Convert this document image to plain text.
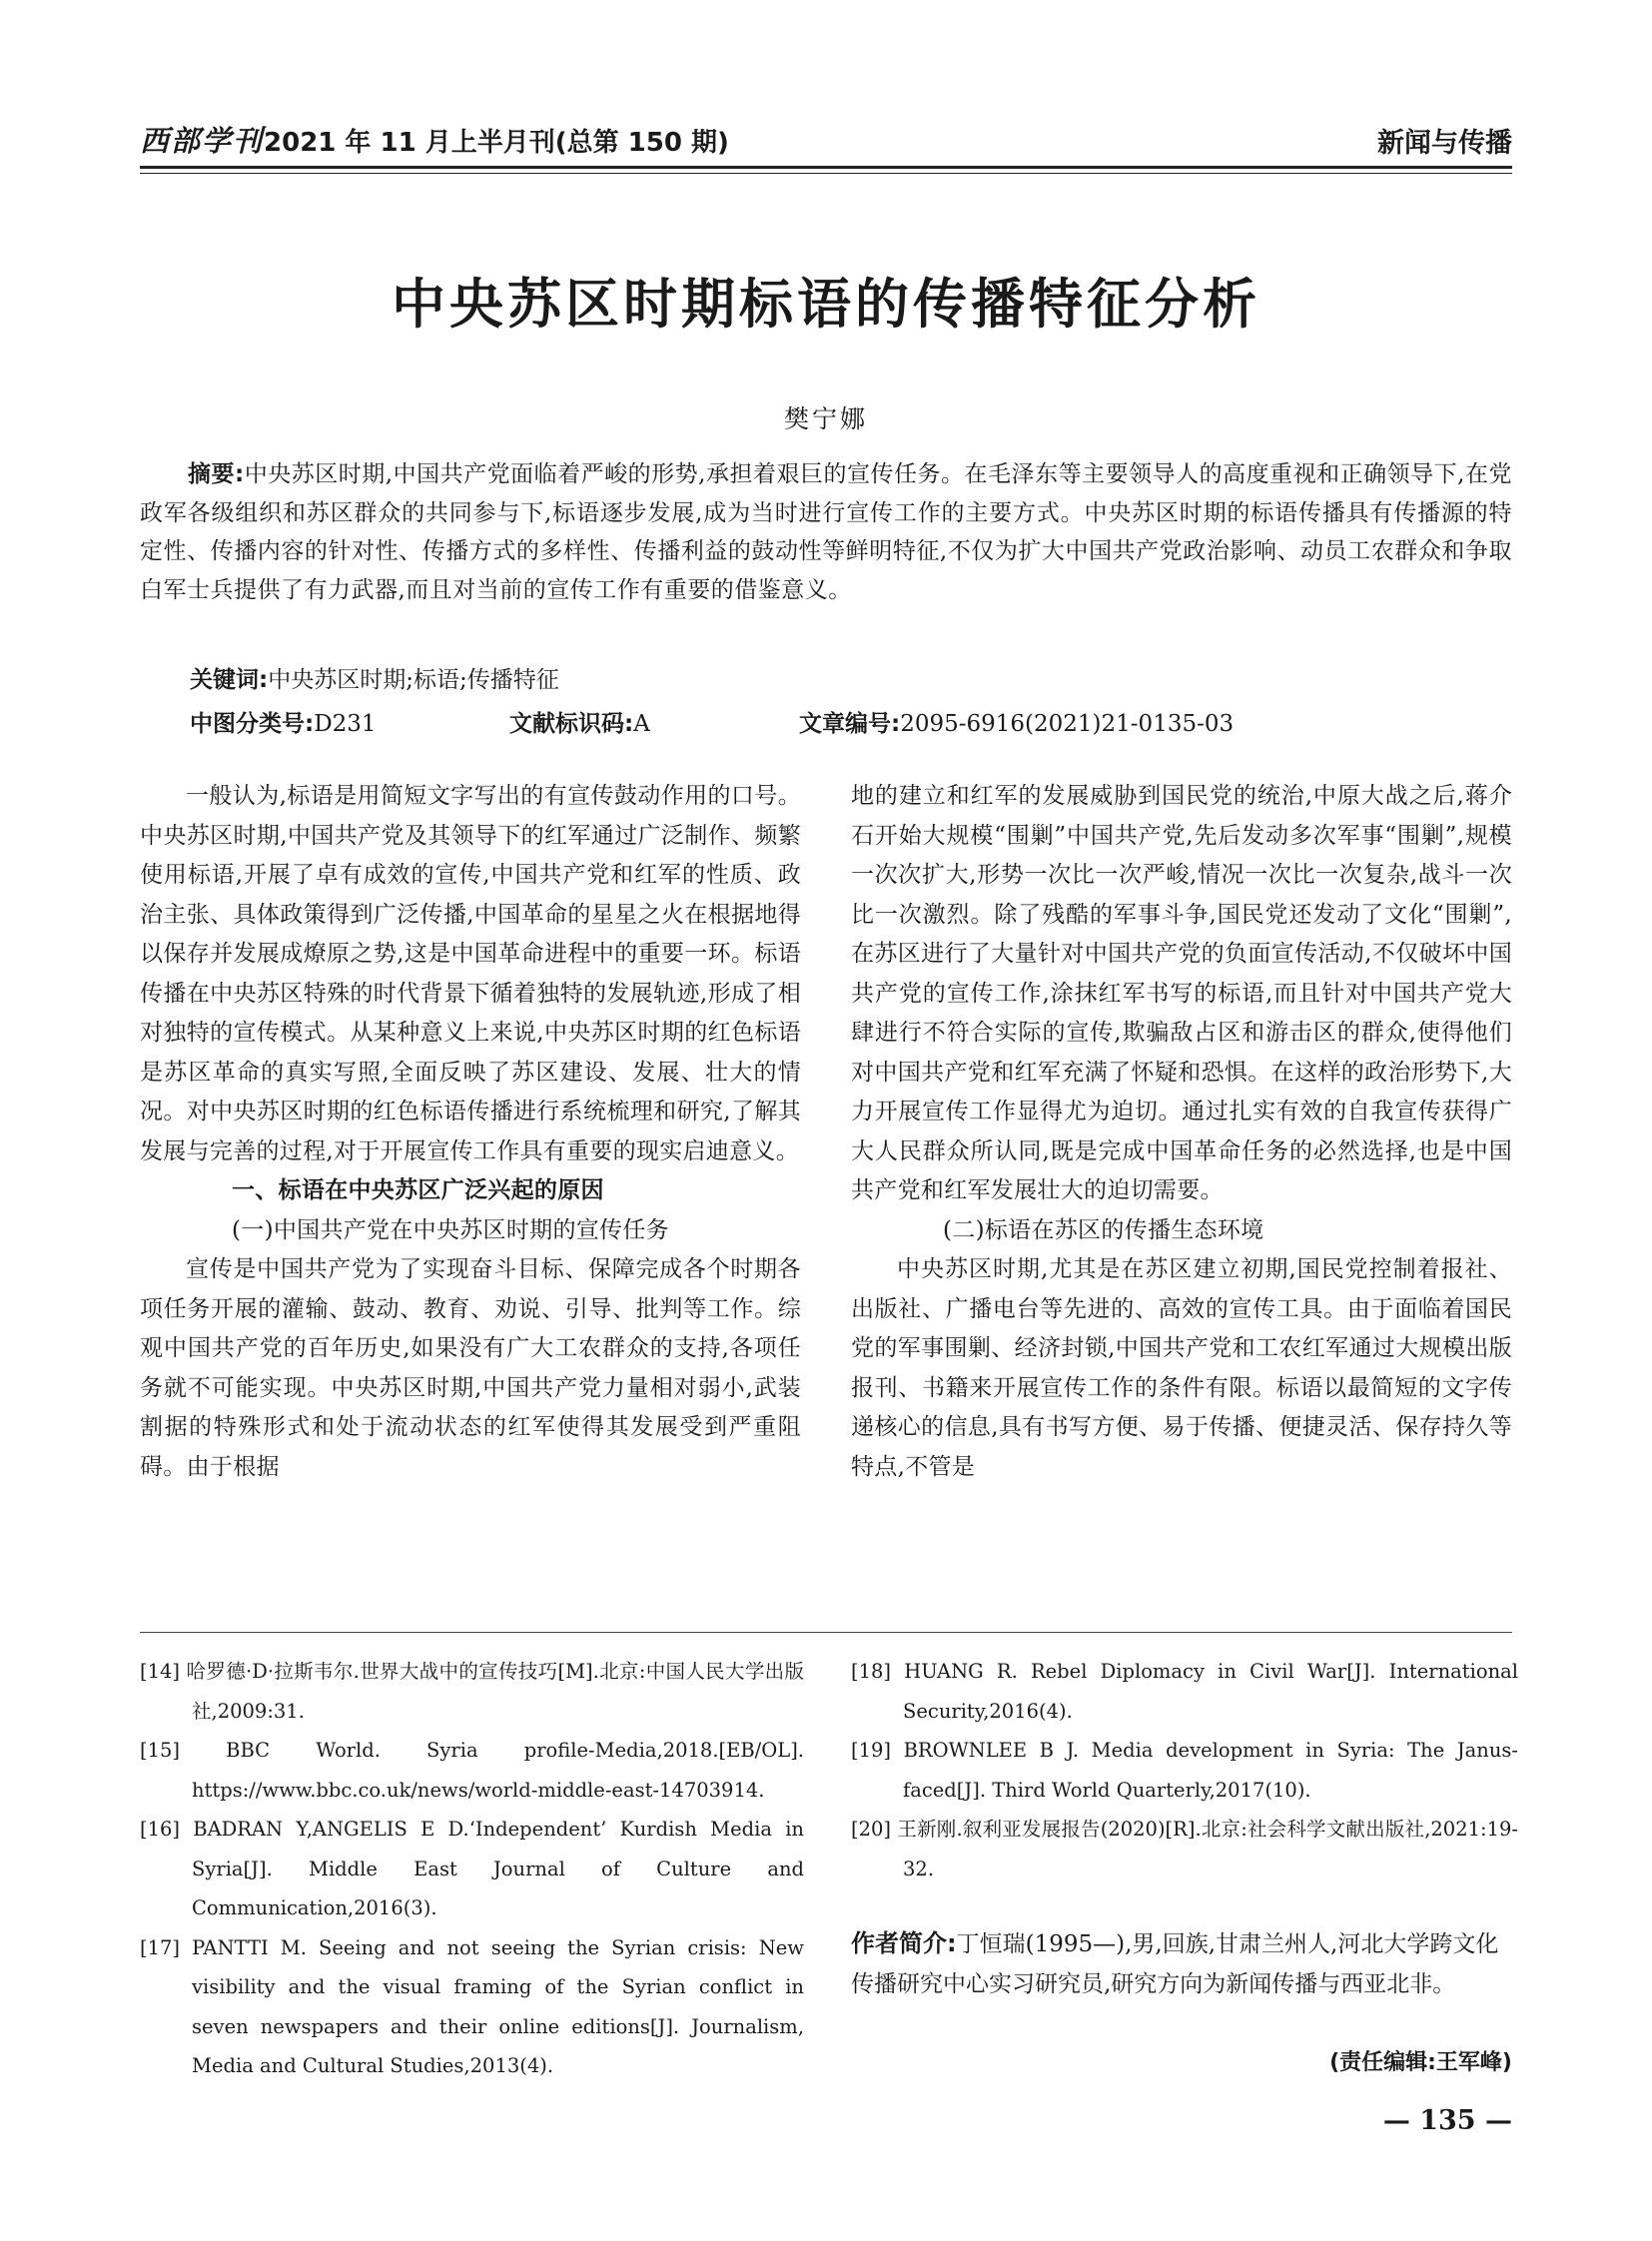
西部学刊 2021 年 11 月上半月刊(总第 150 期)	新闻与传播
中央苏区时期标语的传播特征分析
樊宁娜
摘要:中央苏区时期,中国共产党面临着严峻的形势,承担着艰巨的宣传任务。在毛泽东等主要领导人的高度重视和正确领导下,在党政军各级组织和苏区群众的共同参与下,标语逐步发展,成为当时进行宣传工作的主要方式。中央苏区时期的标语传播具有传播源的特定性、传播内容的针对性、传播方式的多样性、传播利益的鼓动性等鲜明特征,不仅为扩大中国共产党政治影响、动员工农群众和争取白军士兵提供了有力武器,而且对当前的宣传工作有重要的借鉴意义。
关键词:中央苏区时期;标语;传播特征
中图分类号:D231	文献标识码:A	文章编号:2095-6916(2021)21-0135-03

一般认为,标语是用简短文字写出的有宣传鼓动作用的口号。中央苏区时期,中国共产党及其领导下的红军通过广泛制作、频繁使用标语,开展了卓有成效的宣传,中国共产党和红军的性质、政治主张、具体政策得到广泛传播,中国革命的星星之火在根据地得以保存并发展成燎原之势,这是中国革命进程中的重要一环。标语传播在中央苏区特殊的时代背景下循着独特的发展轨迹,形成了相对独特的宣传模式。从某种意义上来说,中央苏区时期的红色标语是苏区革命的真实写照,全面反映了苏区建设、发展、壮大的情况。对中央苏区时期的红色标语传播进行系统梳理和研究,了解其发展与完善的过程,对于开展宣传工作具有重要的现实启迪意义。

一、标语在中央苏区广泛兴起的原因

(一)中国共产党在中央苏区时期的宣传任务

宣传是中国共产党为了实现奋斗目标、保障完成各个时期各项任务开展的灌输、鼓动、教育、劝说、引导、批判等工作。综观中国共产党的百年历史,如果没有广大工农群众的支持,各项任务就不可能实现。中央苏区时期,中国共产党力量相对弱小,武装割据的特殊形式和处于流动状态的红军使得其发展受到严重阻碍。由于根据

地的建立和红军的发展威胁到国民党的统治,中原大战之后,蒋介石开始大规模“围剿”中国共产党,先后发动多次军事“围剿”,规模一次次扩大,形势一次比一次严峻,情况一次比一次复杂,战斗一次比一次激烈。除了残酷的军事斗争,国民党还发动了文化“围剿”,在苏区进行了大量针对中国共产党的负面宣传活动,不仅破坏中国共产党的宣传工作,涂抹红军书写的标语,而且针对中国共产党大肆进行不符合实际的宣传,欺骗敌占区和游击区的群众,使得他们对中国共产党和红军充满了怀疑和恐惧。在这样的政治形势下,大力开展宣传工作显得尤为迫切。通过扎实有效的自我宣传获得广大人民群众所认同,既是完成中国革命任务的必然选择,也是中国共产党和红军发展壮大的迫切需要。

(二)标语在苏区的传播生态环境

中央苏区时期,尤其是在苏区建立初期,国民党控制着报社、出版社、广播电台等先进的、高效的宣传工具。由于面临着国民党的军事围剿、经济封锁,中国共产党和工农红军通过大规模出版报刊、书籍来开展宣传工作的条件有限。标语以最简短的文字传递核心的信息,具有书写方便、易于传播、便捷灵活、保存持久等特点,不管是

[14] 哈罗德·D·拉斯韦尔.世界大战中的宣传技巧[M].北京:中国人民大学出版社,2009:31.

[15] BBC World. Syria profile-Media,2018.[EB/OL]. https://www.bbc.co.uk/news/world-middle-east-14703914.

[16] BADRAN Y,ANGELIS E D.‘Independent’ Kurdish Media in Syria[J]. Middle East Journal of Culture and Communication,2016(3).

[17] PANTTI M. Seeing and not seeing the Syrian crisis: New visibility and the visual framing of the Syrian conflict in seven newspapers and their online editions[J]. Journalism, Media and Cultural Studies,2013(4).

[18] HUANG R. Rebel Diplomacy in Civil War[J]. International Security,2016(4).

[19] BROWNLEE B J. Media development in Syria: The Janus-faced[J]. Third World Quarterly,2017(10).

[20] 王新刚.叙利亚发展报告(2020)[R].北京:社会科学文献出版社,2021:19-32.

作者简介:丁恒瑞(1995—),男,回族,甘肃兰州人,河北大学跨文化传播研究中心实习研究员,研究方向为新闻传播与西亚北非。
(责任编辑:王军峰)
— 135 —
